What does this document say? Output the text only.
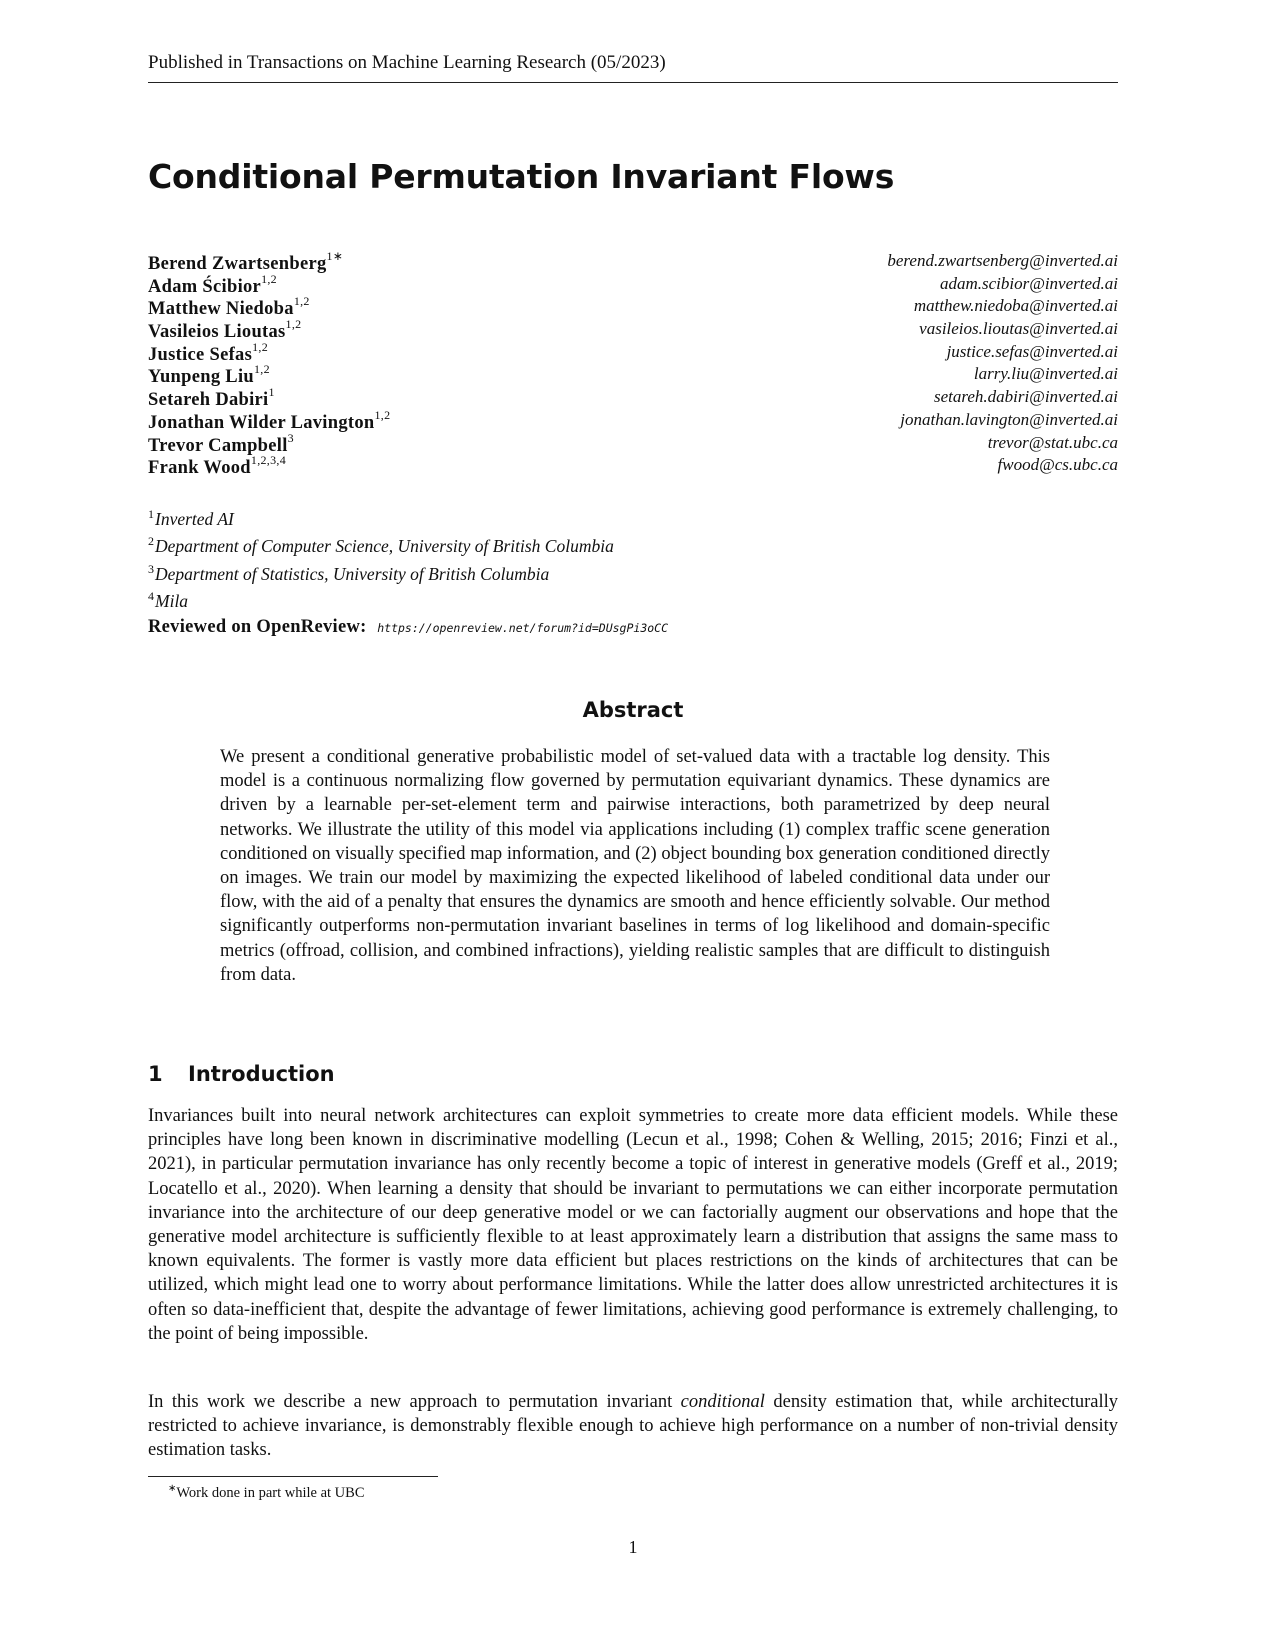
Published in Transactions on Machine Learning Research (05/2023)
Conditional Permutation Invariant Flows
Berend Zwartsenberg$^{1∗}$	berend.zwartsenberg@inverted.ai
Adam Ścibior$^{1,2}$	adam.scibior@inverted.ai
Matthew Niedoba$^{1,2}$	matthew.niedoba@inverted.ai
Vasileios Lioutas$^{1,2}$	vasileios.lioutas@inverted.ai
Justice Sefas$^{1,2}$	justice.sefas@inverted.ai
Yunpeng Liu$^{1,2}$	larry.liu@inverted.ai
Setareh Dabiri$^1$	setareh.dabiri@inverted.ai
Jonathan Wilder Lavington$^{1,2}$	jonathan.lavington@inverted.ai
Trevor Campbell$^3$	trevor@stat.ubc.ca
Frank Wood$^{1,2,3,4}$	fwood@cs.ubc.ca
$^1$Inverted AI
$^2$Department of Computer Science, University of British Columbia
$^3$Department of Statistics, University of British Columbia
$^4$Mila
Reviewed on OpenReview: https://openreview.net/forum?id=DUsgPi3oCC
Abstract
We present a conditional generative probabilistic model of set-valued data with a tractable log density. This model is a continuous normalizing flow governed by permutation equivariant dynamics. These dynamics are driven by a learnable per-set-element term and pairwise interactions, both parametrized by deep neural networks. We illustrate the utility of this model via applications including (1) complex traffic scene generation conditioned on visually specified map information, and (2) object bounding box generation conditioned directly on images. We train our model by maximizing the expected likelihood of labeled conditional data under our flow, with the aid of a penalty that ensures the dynamics are smooth and hence efficiently solvable. Our method significantly outperforms non-permutation invariant baselines in terms of log likelihood and domain-specific metrics (offroad, collision, and combined infractions), yielding realistic samples that are difficult to distinguish from data.
1 Introduction
Invariances built into neural network architectures can exploit symmetries to create more data efficient models. While these principles have long been known in discriminative modelling (Lecun et al., 1998; Cohen & Welling, 2015; 2016; Finzi et al., 2021), in particular permutation invariance has only recently become a topic of interest in generative models (Greff et al., 2019; Locatello et al., 2020). When learning a density that should be invariant to permutations we can either incorporate permutation invariance into the architecture of our deep generative model or we can factorially augment our observations and hope that the generative model architecture is sufficiently flexible to at least approximately learn a distribution that assigns the same mass to known equivalents. The former is vastly more data efficient but places restrictions on the kinds of architectures that can be utilized, which might lead one to worry about performance limitations. While the latter does allow unrestricted architectures it is often so data-inefficient that, despite the advantage of fewer limitations, achieving good performance is extremely challenging, to the point of being impossible.
In this work we describe a new approach to permutation invariant conditional density estimation that, while architecturally restricted to achieve invariance, is demonstrably flexible enough to achieve high performance on a number of non-trivial density estimation tasks.
∗Work done in part while at UBC
1
